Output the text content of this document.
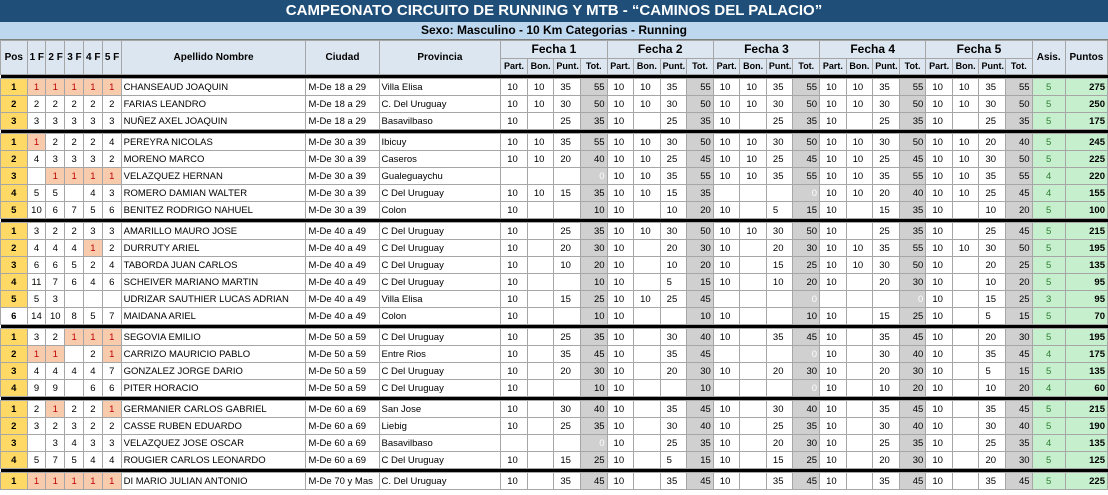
CAMPEONATO CIRCUITO DE RUNNING Y MTB - “CAMINOS DEL PALACIO”
Sexo: Masculino - 10 Km Categorias - Running
Pos	1 F	2 F	3 F	4 F	5 F	Apellido Nombre	Ciudad	Provincia	Fecha 1				Fecha 2				Fecha 3				Fecha 4				Fecha 5				Asis.	Puntos
									Part.	Bon.	Punt.	Tot.	Part.	Bon.	Punt.	Tot.	Part.	Bon.	Punt.	Tot.	Part.	Bon.	Punt.	Tot.	Part.	Bon.	Punt.	Tot.		

1	1	1	1	1	1	CHANSEAUD JOAQUIN	M-De 18 a 29	Villa Elisa	10	10	35	55	10	10	35	55	10	10	35	55	10	10	35	55	10	10	35	55	5	275
2	2	2	2	2	2	FARIAS LEANDRO	M-De 18 a 29	C. Del Uruguay	10	10	30	50	10	10	30	50	10	10	30	50	10	10	30	50	10	10	30	50	5	250
3	3	3	3	3	3	NUÑEZ AXEL JOAQUIN	M-De 18 a 29	Basavilbaso	10		25	35	10		25	35	10		25	35	10		25	35	10		25	35	5	175

1	1	2	2	2	4	PEREYRA NICOLAS	M-De 30 a 39	Ibicuy	10	10	35	55	10	10	30	50	10	10	30	50	10	10	30	50	10	10	20	40	5	245
2	4	3	3	3	2	MORENO MARCO	M-De 30 a 39	Caseros	10	10	20	40	10	10	25	45	10	10	25	45	10	10	25	45	10	10	30	50	5	225
3		1	1	1	1	VELAZQUEZ HERNAN	M-De 30 a 39	Gualeguaychu				0	10	10	35	55	10	10	35	55	10	10	35	55	10	10	35	55	4	220
4	5	5		4	3	ROMERO DAMIAN WALTER	M-De 30 a 39	C Del Uruguay	10	10	15	35	10	10	15	35				0	10	10	20	40	10	10	25	45	4	155
5	10	6	7	5	6	BENITEZ RODRIGO NAHUEL	M-De 30 a 39	Colon	10			10	10		10	20	10		5	15	10		15	35	10		10	20	5	100

1	3	2	2	3	3	AMARILLO MAURO JOSE	M-De 40 a 49	C Del Uruguay	10		25	35	10	10	30	50	10	10	30	50	10		25	35	10		25	45	5	215
2	4	4	4	1	2	DURRUTY ARIEL	M-De 40 a 49	C Del Uruguay	10		20	30	10		20	30	10		20	30	10	10	35	55	10	10	30	50	5	195
3	6	6	5	2	4	TABORDA JUAN CARLOS	M-De 40 a 49	C Del Uruguay	10		10	20	10		10	20	10		15	25	10	10	30	50	10		20	25	5	135
4	11	7	6	4	6	SCHEIVER MARIANO MARTIN	M-De 40 a 49	C Del Uruguay	10			10	10		5	15	10		10	20	10		20	30	10		10	20	5	95
5	5	3				UDRIZAR SAUTHIER LUCAS ADRIAN	M-De 40 a 49	Villa Elisa	10		15	25	10	10	25	45				0				0	10		15	25	3	95
6	14	10	8	5	7	MAIDANA ARIEL	M-De 40 a 49	Colon	10			10	10			10	10			10	10		15	25	10		5	15	5	70

1	3	2	1	1	1	SEGOVIA EMILIO	M-De 50 a 59	C Del Uruguay	10		25	35	10		30	40	10		35	45	10		35	45	10		20	30	5	195
2	1	1		2	1	CARRIZO MAURICIO PABLO	M-De 50 a 59	Entre Rios	10		35	45	10		35	45				0	10		30	40	10		35	45	4	175
3	4	4	4	4	7	GONZALEZ JORGE DARIO	M-De 50 a 59	C Del Uruguay	10		20	30	10		20	30	10		20	30	10		20	30	10		5	15	5	135
4	9	9		6	6	PITER HORACIO	M-De 50 a 59	C Del Uruguay	10			10	10			10				0	10		10	20	10		10	20	4	60

1	2	1	2	2	1	GERMANIER CARLOS GABRIEL	M-De 60 a 69	San Jose	10		30	40	10		35	45	10		30	40	10		35	45	10		35	45	5	215
2	3	2	3	2	2	CASSE RUBEN EDUARDO	M-De 60 a 69	Liebig	10		25	35	10		30	40	10		25	35	10		30	40	10		30	40	5	190
3		3	4	3	3	VELAZQUEZ JOSE OSCAR	M-De 60 a 69	Basavilbaso				0	10		25	35	10		20	30	10		25	35	10		25	35	4	135
4	5	7	5	4	4	ROUGIER CARLOS LEONARDO	M-De 60 a 69	C Del Uruguay	10		15	25	10		5	15	10		15	25	10		20	30	10		20	30	5	125

1	1	1	1	1	1	DI MARIO JULIAN ANTONIO	M-De 70 y Mas	C. Del Uruguay	10		35	45	10		35	45	10		35	45	10		35	45	10		35	45	5	225
